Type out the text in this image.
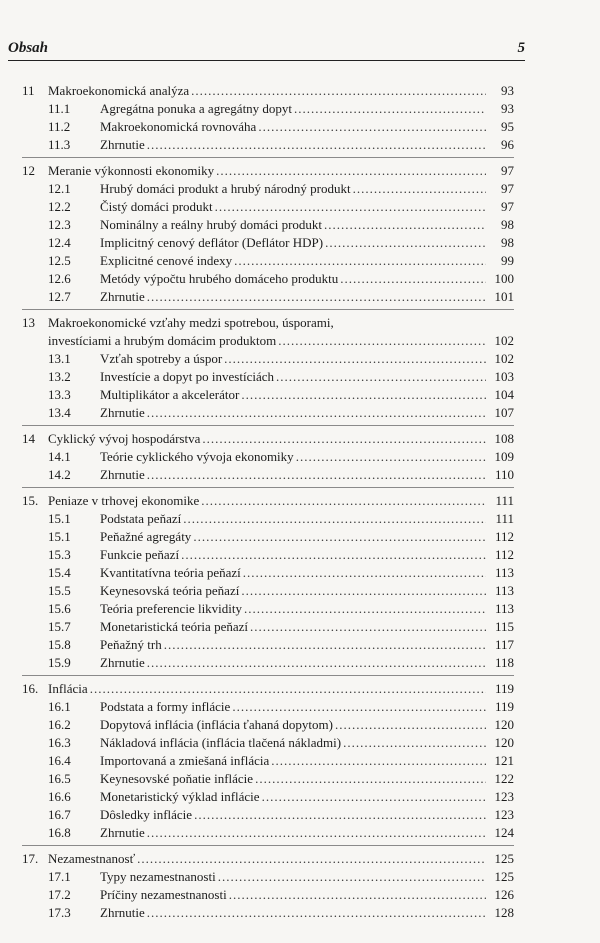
Obsah	5
11	Makroekonomická analýza .....	93
11.1	Agregátna ponuka a agregátny dopyt .....	93
11.2	Makroekonomická rovnováha .....	95
11.3	Zhrnutie .....	96
12	Meranie výkonnosti ekonomiky .....	97
12.1	Hrubý domáci produkt a hrubý národný produkt .....	97
12.2	Čistý domáci produkt .....	97
12.3	Nominálny a reálny hrubý domáci produkt .....	98
12.4	Implicitný cenový deflátor (Deflátor HDP) .....	98
12.5	Explicitné cenové indexy .....	99
12.6	Metódy výpočtu hrubého domáceho produktu .....	100
12.7	Zhrnutie .....	101
13	Makroekonomické vzťahy medzi spotrebou, úsporami,
investíciami a hrubým domácim produktom .....	102
13.1	Vzťah spotreby a úspor .....	102
13.2	Investície a dopyt po investíciách .....	103
13.3	Multiplikátor a akcelerátor .....	104
13.4	Zhrnutie .....	107
14	Cyklický vývoj hospodárstva .....	108
14.1	Teórie cyklického vývoja ekonomiky .....	109
14.2	Zhrnutie .....	110
15. Peniaze v trhovej ekonomike .....	111
15.1	Podstata peňazí .....	111
15.1	Peňažné agregáty .....	112
15.3	Funkcie peňazí .....	112
15.4	Kvantitatívna teória peňazí .....	113
15.5	Keynesovská teória peňazí .....	113
15.6	Teória preferencie likvidity .....	113
15.7	Monetaristická teória peňazí .....	115
15.8	Peňažný trh .....	117
15.9	Zhrnutie .....	118
16. Inflácia .....	119
16.1	Podstata a formy inflácie .....	119
16.2	Dopytová inflácia (inflácia ťahaná dopytom) .....	120
16.3	Nákladová inflácia (inflácia tlačená nákladmi) .....	120
16.4	Importovaná a zmiešaná inflácia .....	121
16.5	Keynesovské poňatie inflácie .....	122
16.6	Monetaristický výklad inflácie .....	123
16.7	Dôsledky inflácie .....	123
16.8	Zhrnutie .....	124
17. Nezamestnanosť .....	125
17.1	Typy nezamestnanosti .....	125
17.2	Príčiny nezamestnanosti .....	126
17.3	Zhrnutie .....	128
